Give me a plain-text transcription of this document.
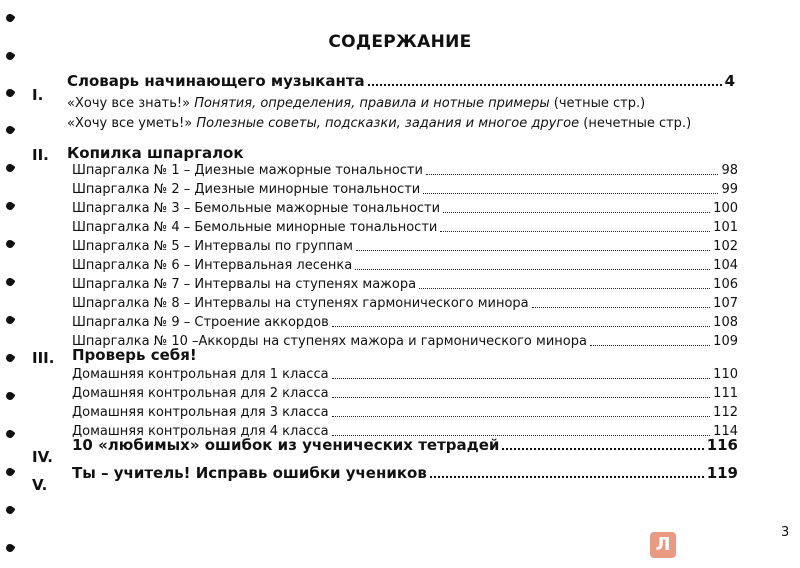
СОДЕРЖАНИЕ
I.
Словарь начинающего музыканта	4
«Хочу все знать!» Понятия, определения, правила и нотные примеры (четные стр.)
«Хочу все уметь!» Полезные советы, подсказки, задания и многое другое (нечетные стр.)
II. Копилка шпаргалок
Шпаргалка № 1 – Диезные мажорные тональности	98
Шпаргалка № 2 – Диезные минорные тональности	99
Шпаргалка № 3 – Бемольные мажорные тональности	100
Шпаргалка № 4 – Бемольные минорные тональности	101
Шпаргалка № 5 – Интервалы по группам	102
Шпаргалка № 6 – Интервальная лесенка	104
Шпаргалка № 7 – Интервалы на ступенях мажора	106
Шпаргалка № 8 – Интервалы на ступенях гармонического минора	107
Шпаргалка № 9 – Строение аккордов	108
Шпаргалка № 10 –Аккорды на ступенях мажора и гармонического минора	109
III. Проверь себя!
Домашняя контрольная для 1 класса	110
Домашняя контрольная для 2 класса	111
Домашняя контрольная для 3 класса	112
Домашняя контрольная для 4 класса	114
IV.
10 «любимых» ошибок из ученических тетрадей	116
V.
Ты – учитель! Исправь ошибки учеников	119
3
Л
